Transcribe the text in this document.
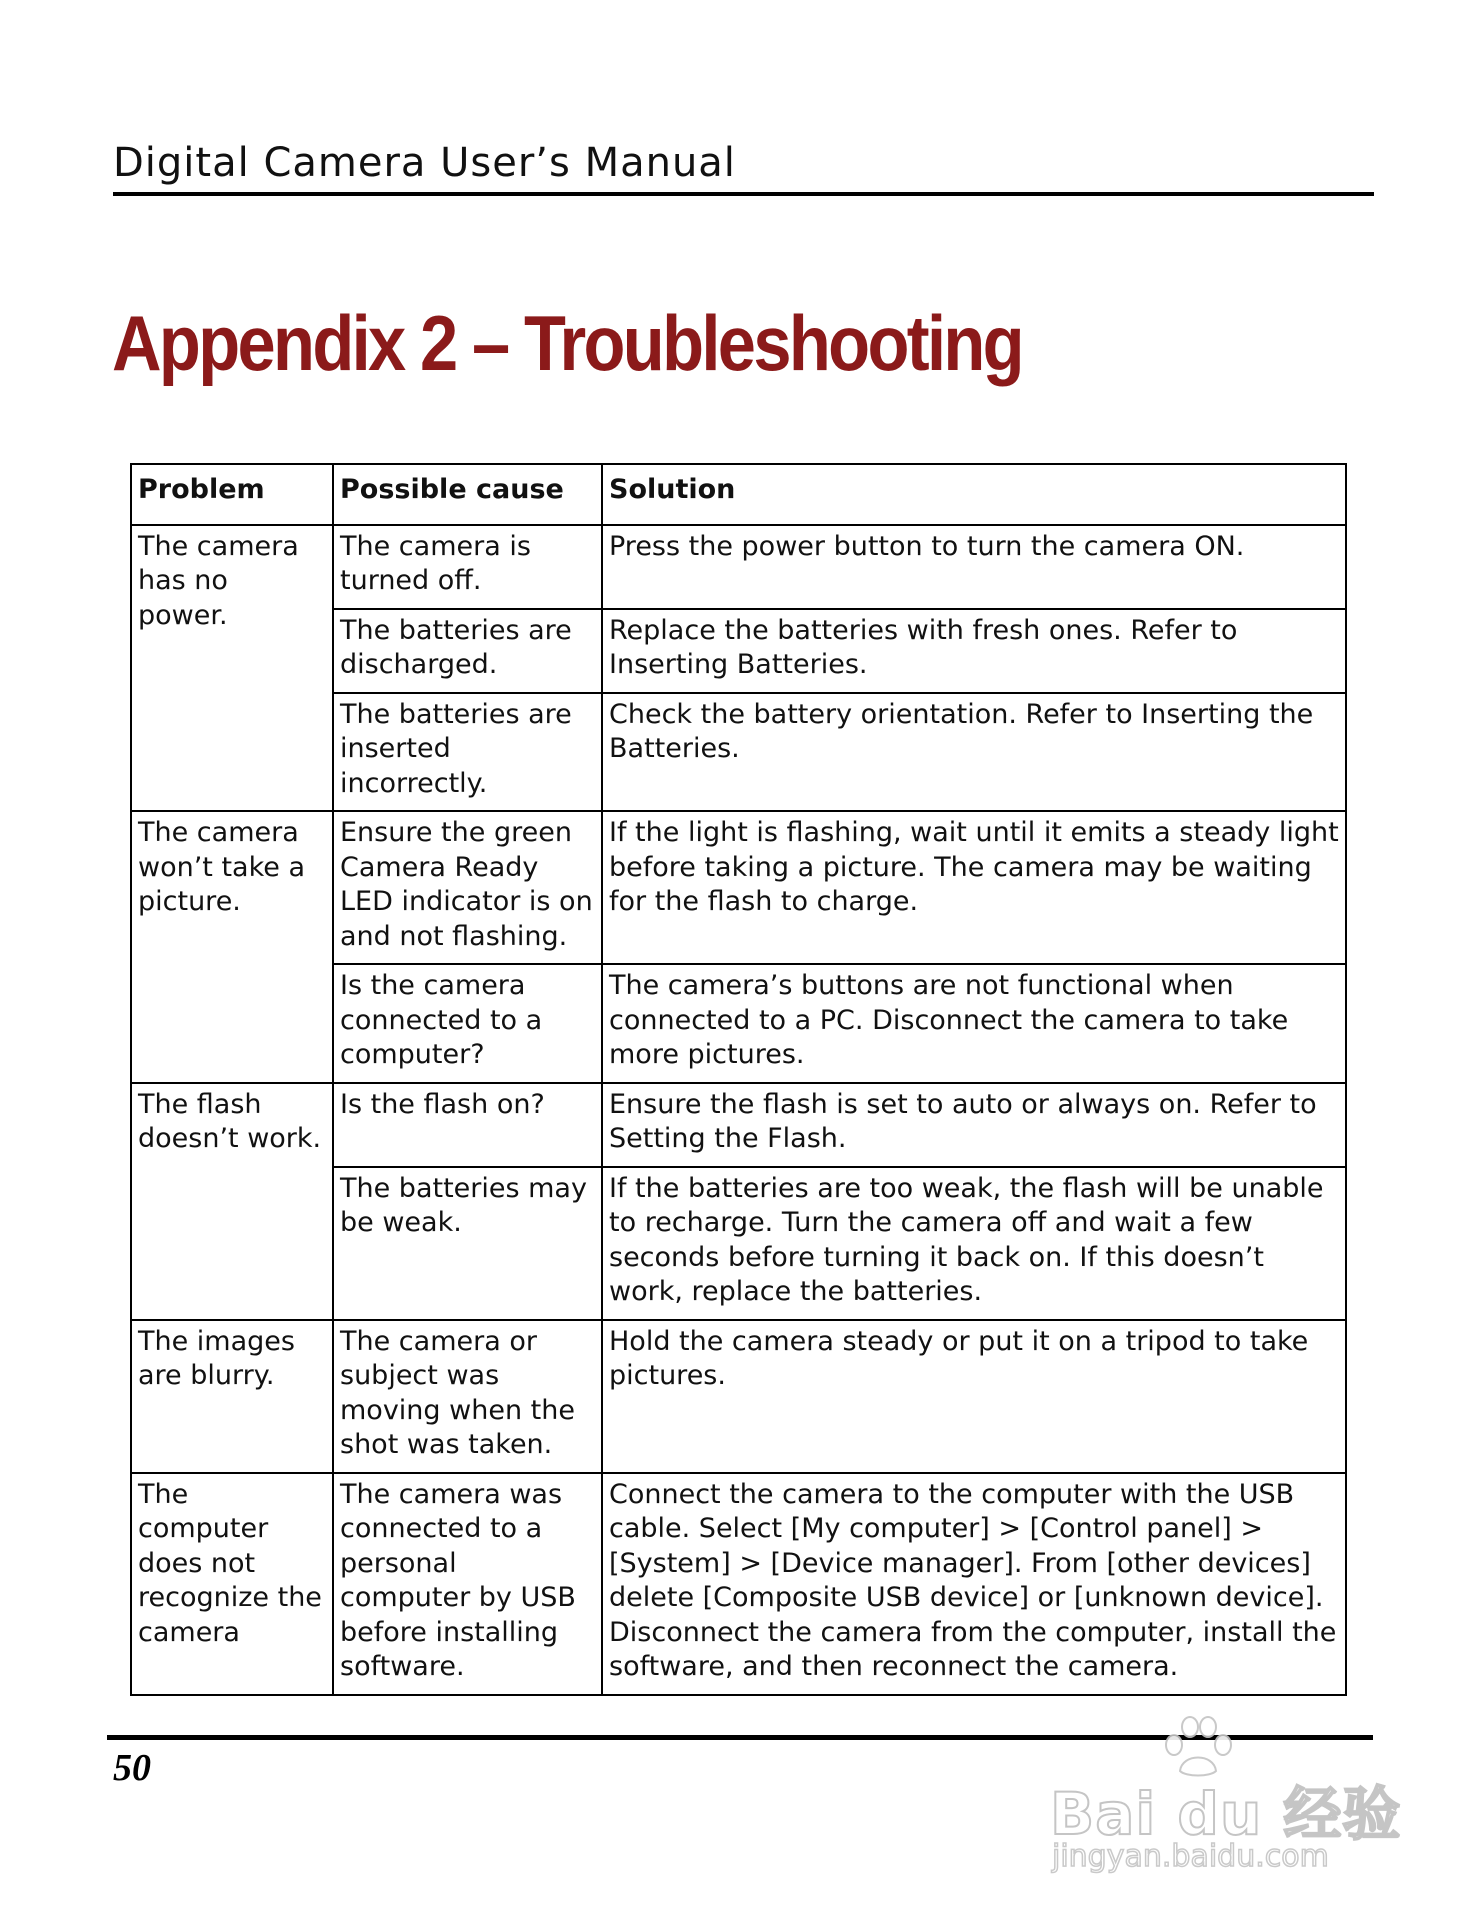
Digital Camera User’s Manual
Appendix 2 – Troubleshooting
Problem	Possible cause	Solution
The camera has no power.	The camera is turned off.	Press the power button to turn the camera ON.
	The batteries are discharged.	Replace the batteries with fresh ones. Refer to Inserting Batteries.
	The batteries are inserted incorrectly.	Check the battery orientation. Refer to Inserting the Batteries.
The camera won’t take a picture.	Ensure the green Camera Ready LED indicator is on and not flashing.	If the light is flashing, wait until it emits a steady light before taking a picture. The camera may be waiting for the flash to charge.
	Is the camera connected to a computer?	The camera’s buttons are not functional when connected to a PC. Disconnect the camera to take more pictures.
The flash doesn’t work.	Is the flash on?	Ensure the flash is set to auto or always on. Refer to Setting the Flash.
	The batteries may be weak.	If the batteries are too weak, the flash will be unable to recharge. Turn the camera off and wait a few seconds before turning it back on. If this doesn’t work, replace the batteries.
The images are blurry.	The camera or subject was moving when the shot was taken.	Hold the camera steady or put it on a tripod to take pictures.
The computer does not recognize the camera	The camera was connected to a personal computer by USB before installing software.	Connect the camera to the computer with the USB cable. Select [My computer] > [Control panel] > [System] > [Device manager]. From [other devices] delete [Composite USB device] or [unknown device]. Disconnect the camera from the computer, install the software, and then reconnect the camera.
50
Bai du 经验
jingyan.baidu.com
